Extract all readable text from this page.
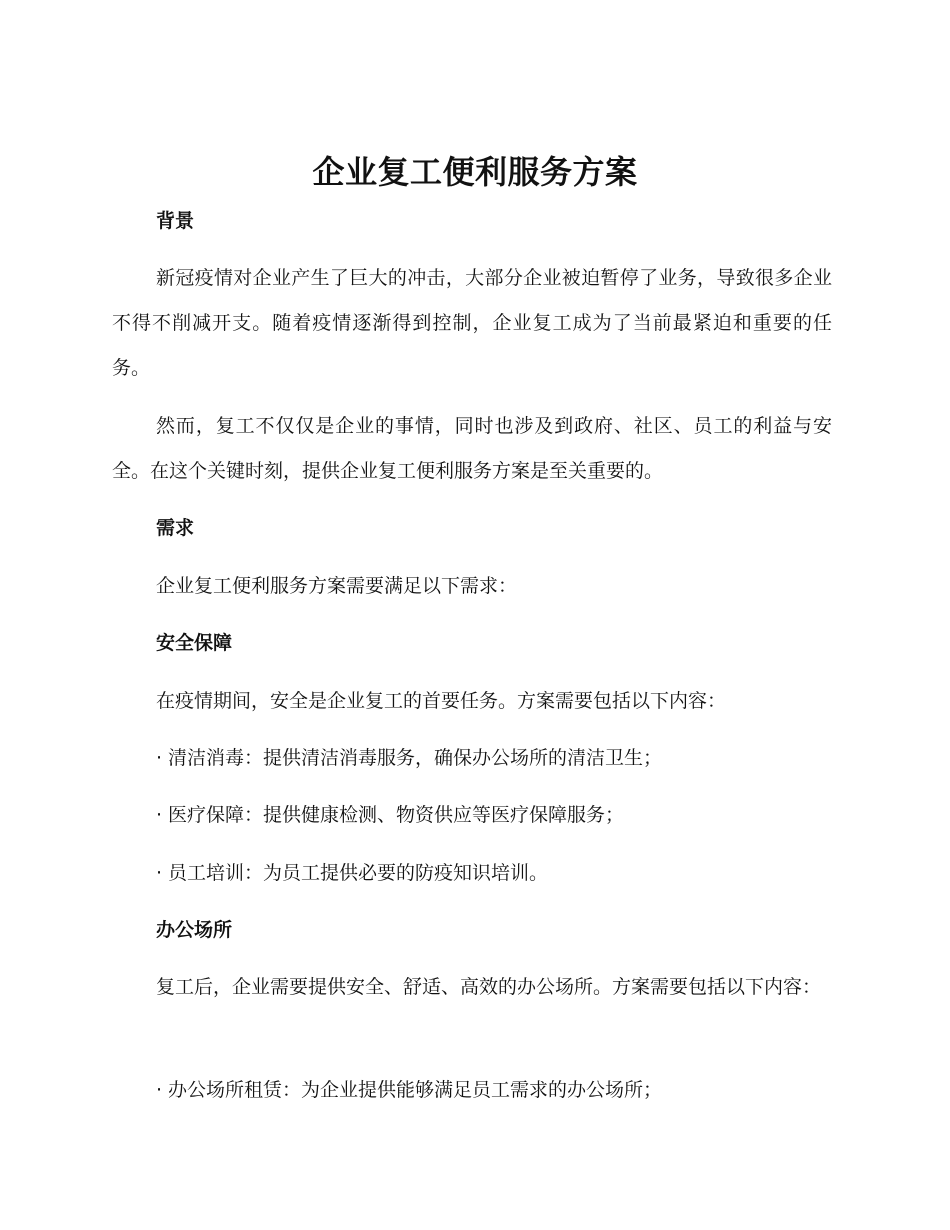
企业复工便利服务方案
背景

新冠疫情对企业产生了巨大的冲击，大部分企业被迫暂停了业务，导致很多企业不得不削减开支。随着疫情逐渐得到控制，企业复工成为了当前最紧迫和重要的任务。

然而，复工不仅仅是企业的事情，同时也涉及到政府、社区、员工的利益与安全。在这个关键时刻，提供企业复工便利服务方案是至关重要的。

需求

企业复工便利服务方案需要满足以下需求：

安全保障

在疫情期间，安全是企业复工的首要任务。方案需要包括以下内容：

· 清洁消毒：提供清洁消毒服务，确保办公场所的清洁卫生；

· 医疗保障：提供健康检测、物资供应等医疗保障服务；

· 员工培训：为员工提供必要的防疫知识培训。

办公场所

复工后，企业需要提供安全、舒适、高效的办公场所。方案需要包括以下内容：

· 办公场所租赁：为企业提供能够满足员工需求的办公场所；
